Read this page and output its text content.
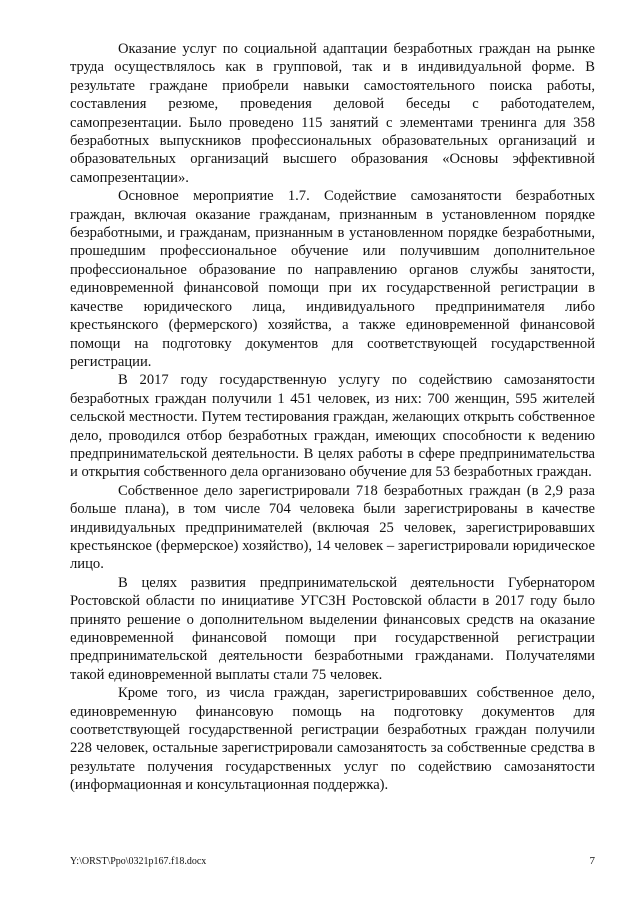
Оказание услуг по социальной адаптации безработных граждан на рынке труда осуществлялось как в групповой, так и в индивидуальной форме. В результате граждане приобрели навыки самостоятельного поиска работы, составления резюме, проведения деловой беседы с работодателем, самопрезентации. Было проведено 115 занятий с элементами тренинга для 358 безработных выпускников профессиональных образовательных организаций и образовательных организаций высшего образования «Основы эффективной самопрезентации».

Основное мероприятие 1.7. Содействие самозанятости безработных граждан, включая оказание гражданам, признанным в установленном порядке безработными, и гражданам, признанным в установленном порядке безработными, прошедшим профессиональное обучение или получившим дополнительное профессиональное образование по направлению органов службы занятости, единовременной финансовой помощи при их государственной регистрации в качестве юридического лица, индивидуального предпринимателя либо крестьянского (фермерского) хозяйства, а также единовременной финансовой помощи на подготовку документов для соответствующей государственной регистрации.

В 2017 году государственную услугу по содействию самозанятости безработных граждан получили 1 451 человек, из них: 700 женщин, 595 жителей сельской местности. Путем тестирования граждан, желающих открыть собственное дело, проводился отбор безработных граждан, имеющих способности к ведению предпринимательской деятельности. В целях работы в сфере предпринимательства и открытия собственного дела организовано обучение для 53 безработных граждан.

Собственное дело зарегистрировали 718 безработных граждан (в 2,9 раза больше плана), в том числе 704 человека были зарегистрированы в качестве индивидуальных предпринимателей (включая 25 человек, зарегистрировавших крестьянское (фермерское) хозяйство), 14 человек – зарегистрировали юридическое лицо.

В целях развития предпринимательской деятельности Губернатором Ростовской области по инициативе УГСЗН Ростовской области в 2017 году было принято решение о дополнительном выделении финансовых средств на оказание единовременной финансовой помощи при государственной регистрации предпринимательской деятельности безработными гражданами. Получателями такой единовременной выплаты стали 75 человек.

Кроме того, из числа граждан, зарегистрировавших собственное дело, единовременную финансовую помощь на подготовку документов для соответствующей государственной регистрации безработных граждан получили 228 человек, остальные зарегистрировали самозанятость за собственные средства в результате получения государственных услуг по содействию самозанятости (информационная и консультационная поддержка).

Y:\ORST\Ppo\0321p167.f18.docx	7
